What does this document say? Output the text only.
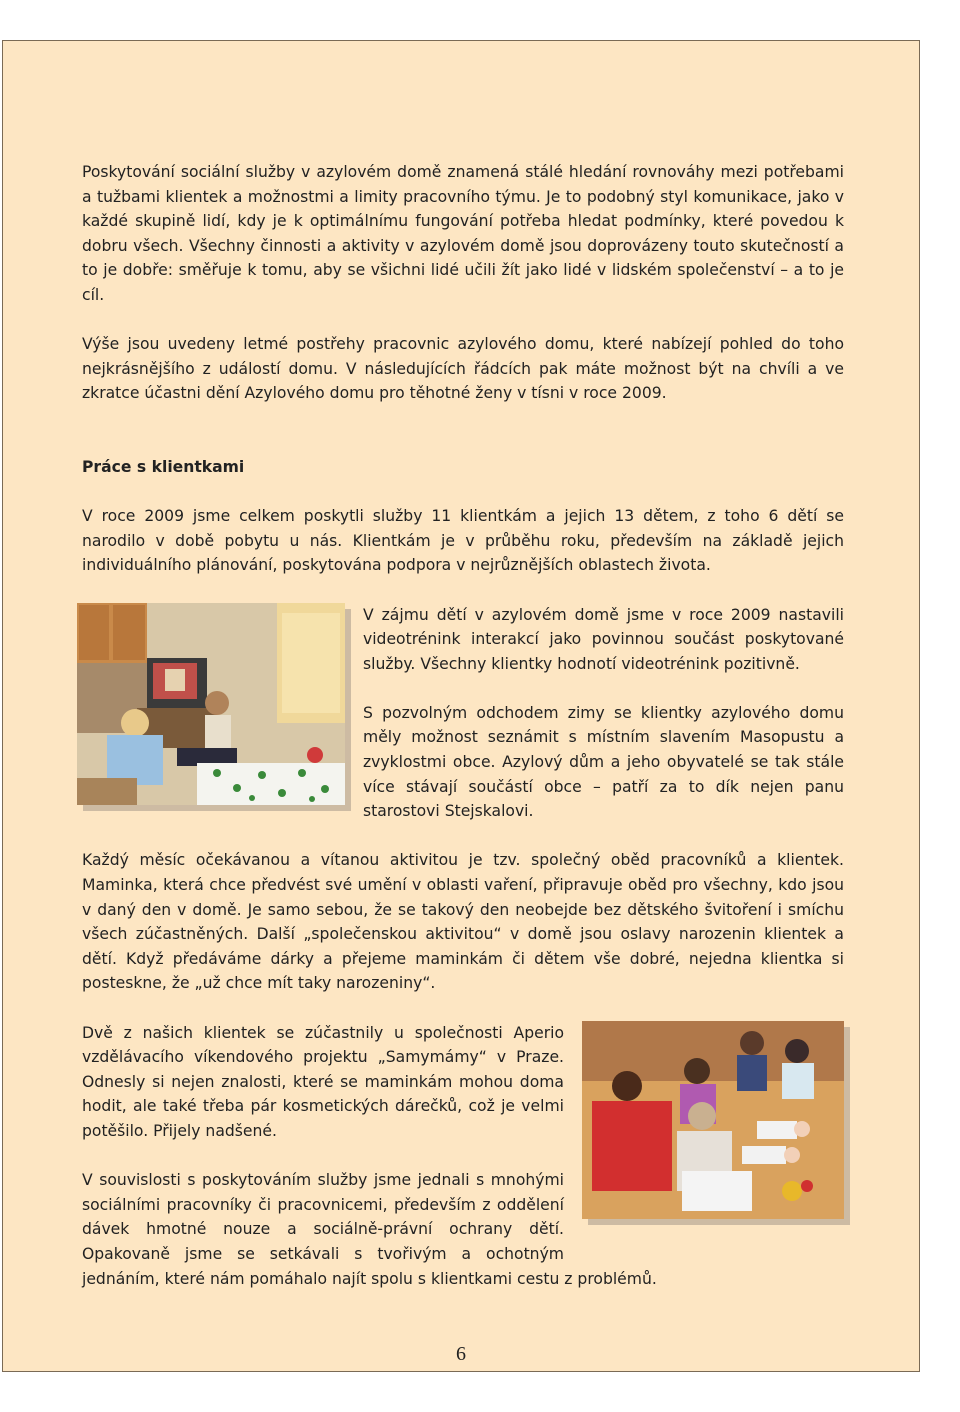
Poskytování sociální služby v azylovém domě znamená stálé hledání rovnováhy mezi potřebami a tužbami klientek a možnostmi a limity pracovního týmu. Je to podobný styl komunikace, jako v každé skupině lidí, kdy je k optimálnímu fungování potřeba hledat podmínky, které povedou k dobru všech. Všechny činnosti a aktivity v azylovém domě jsou doprovázeny touto skutečností a to je dobře: směřuje k tomu, aby se všichni lidé učili žít jako lidé v lidském společenství – a to je cíl.

Výše jsou uvedeny letmé postřehy pracovnic azylového domu, které nabízejí pohled do toho nejkrásnějšího z událostí domu. V následujících řádcích pak máte možnost být na chvíli a ve zkratce účastni dění Azylového domu pro těhotné ženy v tísni v roce 2009.

Práce s klientkami

V roce 2009 jsme celkem poskytli služby 11 klientkám a jejich 13 dětem, z toho 6 dětí se narodilo v době pobytu u nás. Klientkám je v průběhu roku, především na základě jejich individuálního plánování, poskytována podpora v nejrůznějších oblastech života.

V zájmu dětí v azylovém domě jsme v roce 2009 nastavili videotrénink interakcí jako povinnou součást poskytované služby. Všechny klientky hodnotí videotrénink pozitivně.

S pozvolným odchodem zimy se klientky azylového domu měly možnost seznámit s místním slavením Masopustu a zvyklostmi obce. Azylový dům a jeho obyvatelé se tak stále více stávají součástí obce – patří za to dík nejen panu starostovi Stejskalovi.

Každý měsíc očekávanou a vítanou aktivitou je tzv. společný oběd pracovníků a klientek. Maminka, která chce předvést své umění v oblasti vaření, připravuje oběd pro všechny, kdo jsou v daný den v domě. Je samo sebou, že se takový den neobejde bez dětského švitoření i smíchu všech zúčastněných. Další „společenskou aktivitou“ v domě jsou oslavy narozenin klientek a dětí. Když předáváme dárky a přejeme maminkám či dětem vše dobré, nejedna klientka si posteskne, že „už chce mít taky narozeniny“.

Dvě z našich klientek se zúčastnily u společnosti Aperio vzdělávacího víkendového projektu „Samymámy“ v Praze. Odnesly si nejen znalosti, které se maminkám mohou doma hodit, ale také třeba pár kosmetických dárečků, což je velmi potěšilo. Přijely nadšené.

V souvislosti s poskytováním služby jsme jednali s mnohými sociálními pracovníky či pracovnicemi, především z oddělení dávek hmotné nouze a sociálně-právní ochrany dětí. Opakovaně jsme se setkávali s tvořivým a ochotným jednáním, které nám pomáhalo najít spolu s klientkami cestu z problémů.

6
